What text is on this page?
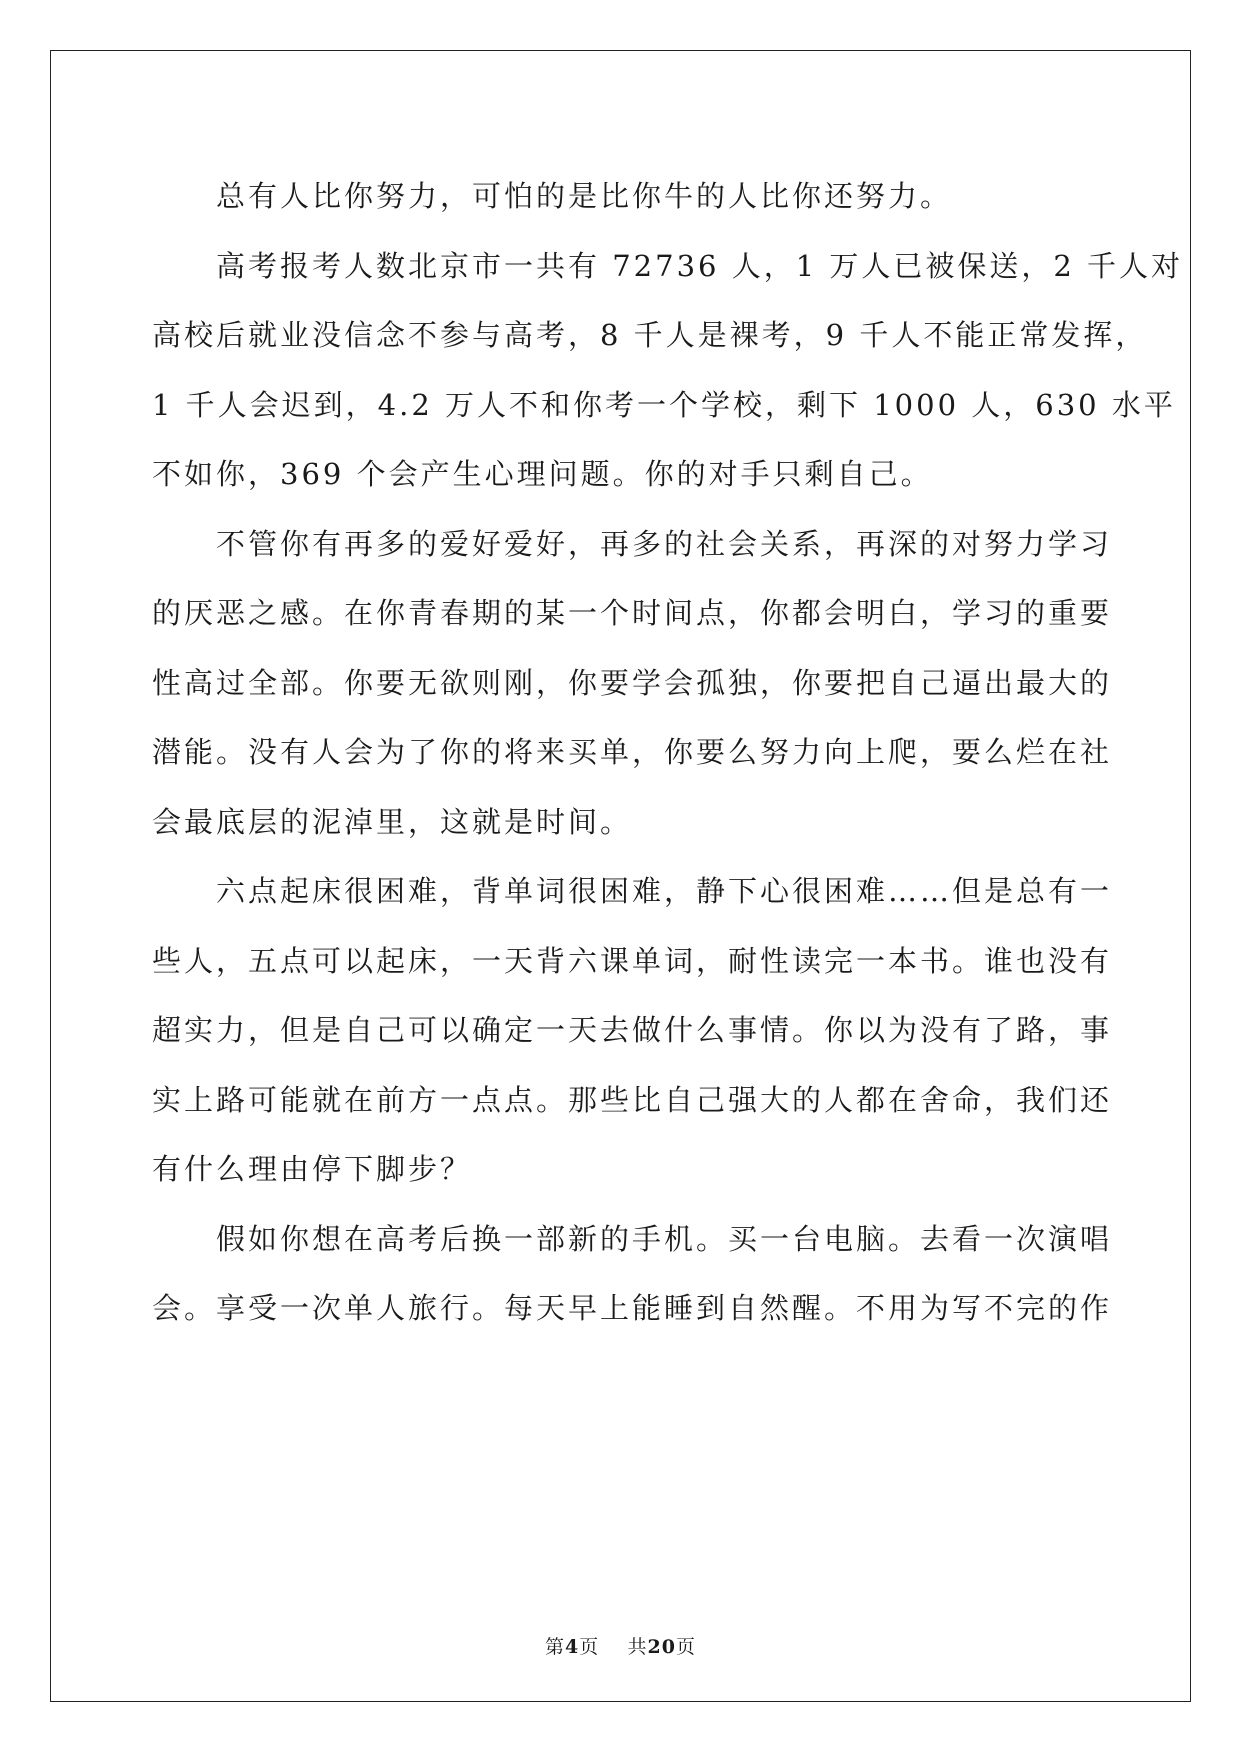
　　总有人比你努力，可怕的是比你牛的人比你还努力。
　　高考报考人数北京市一共有 72736 人，1 万人已被保送，2 千人对
高校后就业没信念不参与高考，8 千人是裸考，9 千人不能正常发挥，
1 千人会迟到，4.2 万人不和你考一个学校，剩下 1000 人，630 水平
不如你，369 个会产生心理问题。你的对手只剩自己。
　　不管你有再多的爱好爱好，再多的社会关系，再深的对努力学习
的厌恶之感。在你青春期的某一个时间点，你都会明白，学习的重要
性高过全部。你要无欲则刚，你要学会孤独，你要把自己逼出最大的
潜能。没有人会为了你的将来买单，你要么努力向上爬，要么烂在社
会最底层的泥淖里，这就是时间。
　　六点起床很困难，背单词很困难，静下心很困难……但是总有一
些人，五点可以起床，一天背六课单词，耐性读完一本书。谁也没有
超实力，但是自己可以确定一天去做什么事情。你以为没有了路，事
实上路可能就在前方一点点。那些比自己强大的人都在舍命，我们还
有什么理由停下脚步？
　　假如你想在高考后换一部新的手机。买一台电脑。去看一次演唱
会。享受一次单人旅行。每天早上能睡到自然醒。不用为写不完的作
第4页 共20页
